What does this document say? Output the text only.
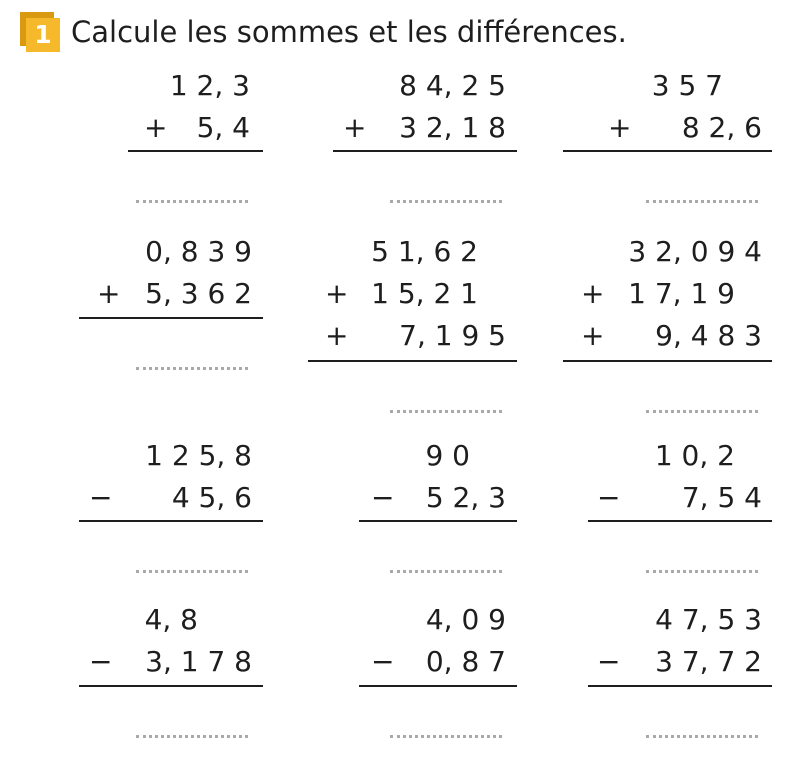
1 Calcule les sommes et les différences.
1 2, 3
+	5, 4
8 4, 2 5
+	3 2, 1 8
3 5 7
+	8 2, 6
0, 8 3 9
+ 5, 3 6 2
5 1, 6 2
+ 1 5, 2 1
+	7, 1 9 5
3 2, 0 9 4
+ 1 7, 1 9
+	9, 4 8 3
1 2 5, 8
−	4 5, 6
9 0
−	5 2, 3
1 0, 2
−	7, 5 4
4, 8
−	3, 1 7 8
4, 0 9
−	0, 8 7
4 7, 5 3
−	3 7, 7 2
